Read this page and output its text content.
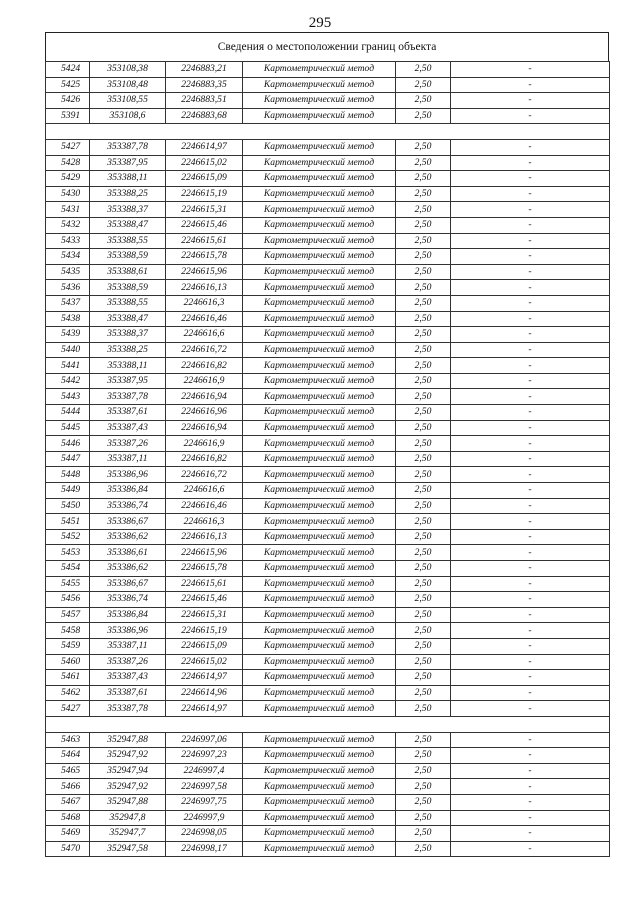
295
Сведения о местоположении границ объекта
5424	353108,38	2246883,21	Картометрический метод	2,50	-
5425	353108,48	2246883,35	Картометрический метод	2,50	-
5426	353108,55	2246883,51	Картометрический метод	2,50	-
5391	353108,6	2246883,68	Картометрический метод	2,50	-

5427	353387,78	2246614,97	Картометрический метод	2,50	-
5428	353387,95	2246615,02	Картометрический метод	2,50	-
5429	353388,11	2246615,09	Картометрический метод	2,50	-
5430	353388,25	2246615,19	Картометрический метод	2,50	-
5431	353388,37	2246615,31	Картометрический метод	2,50	-
5432	353388,47	2246615,46	Картометрический метод	2,50	-
5433	353388,55	2246615,61	Картометрический метод	2,50	-
5434	353388,59	2246615,78	Картометрический метод	2,50	-
5435	353388,61	2246615,96	Картометрический метод	2,50	-
5436	353388,59	2246616,13	Картометрический метод	2,50	-
5437	353388,55	2246616,3	Картометрический метод	2,50	-
5438	353388,47	2246616,46	Картометрический метод	2,50	-
5439	353388,37	2246616,6	Картометрический метод	2,50	-
5440	353388,25	2246616,72	Картометрический метод	2,50	-
5441	353388,11	2246616,82	Картометрический метод	2,50	-
5442	353387,95	2246616,9	Картометрический метод	2,50	-
5443	353387,78	2246616,94	Картометрический метод	2,50	-
5444	353387,61	2246616,96	Картометрический метод	2,50	-
5445	353387,43	2246616,94	Картометрический метод	2,50	-
5446	353387,26	2246616,9	Картометрический метод	2,50	-
5447	353387,11	2246616,82	Картометрический метод	2,50	-
5448	353386,96	2246616,72	Картометрический метод	2,50	-
5449	353386,84	2246616,6	Картометрический метод	2,50	-
5450	353386,74	2246616,46	Картометрический метод	2,50	-
5451	353386,67	2246616,3	Картометрический метод	2,50	-
5452	353386,62	2246616,13	Картометрический метод	2,50	-
5453	353386,61	2246615,96	Картометрический метод	2,50	-
5454	353386,62	2246615,78	Картометрический метод	2,50	-
5455	353386,67	2246615,61	Картометрический метод	2,50	-
5456	353386,74	2246615,46	Картометрический метод	2,50	-
5457	353386,84	2246615,31	Картометрический метод	2,50	-
5458	353386,96	2246615,19	Картометрический метод	2,50	-
5459	353387,11	2246615,09	Картометрический метод	2,50	-
5460	353387,26	2246615,02	Картометрический метод	2,50	-
5461	353387,43	2246614,97	Картометрический метод	2,50	-
5462	353387,61	2246614,96	Картометрический метод	2,50	-
5427	353387,78	2246614,97	Картометрический метод	2,50	-

5463	352947,88	2246997,06	Картометрический метод	2,50	-
5464	352947,92	2246997,23	Картометрический метод	2,50	-
5465	352947,94	2246997,4	Картометрический метод	2,50	-
5466	352947,92	2246997,58	Картометрический метод	2,50	-
5467	352947,88	2246997,75	Картометрический метод	2,50	-
5468	352947,8	2246997,9	Картометрический метод	2,50	-
5469	352947,7	2246998,05	Картометрический метод	2,50	-
5470	352947,58	2246998,17	Картометрический метод	2,50	-
